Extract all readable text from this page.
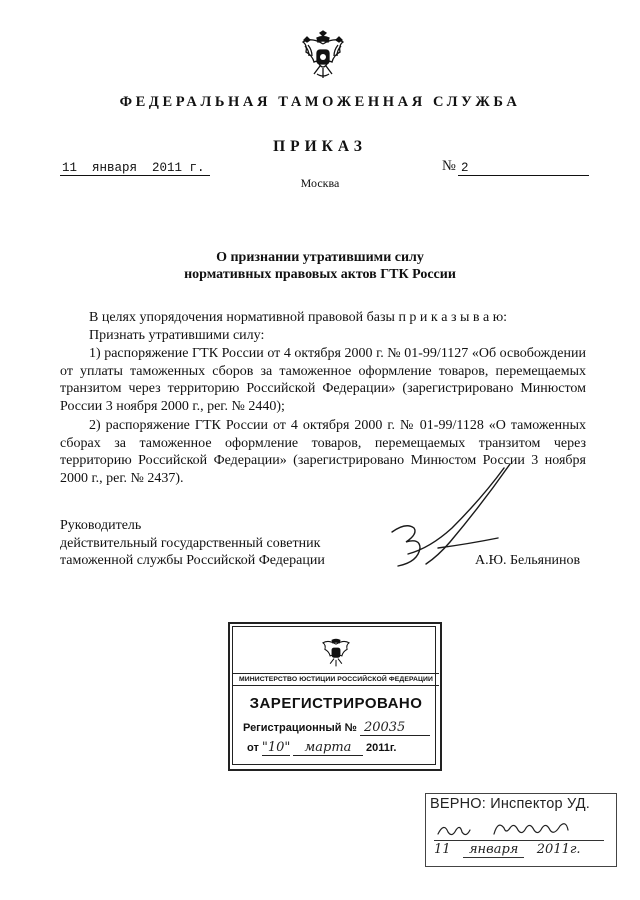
ФЕДЕРАЛЬНАЯ ТАМОЖЕННАЯ СЛУЖБА
ПРИКАЗ
11  января  2011 г.	№ 2
Москва
О признании утратившими силу
нормативных правовых актов ГТК России
В целях упорядочения нормативной правовой базы п р и к а з ы в а ю:
Признать утратившими силу:
1) распоряжение ГТК России от 4 октября 2000 г. № 01-99/1127 «Об освобождении от уплаты таможенных сборов за таможенное оформление товаров, перемещаемых транзитом через территорию Российской Федерации» (зарегистрировано Минюстом России 3 ноября 2000 г., рег. № 2440);
2) распоряжение ГТК России от 4 октября 2000 г. № 01-99/1128 «О таможенных сборах за таможенное оформление товаров, перемещаемых транзитом через территорию Российской Федерации» (зарегистрировано Минюстом России 3 ноября 2000 г., рег. № 2437).
Руководитель
действительный государственный советник
таможенной службы Российской Федерации	А.Ю. Бельянинов
МИНИСТЕРСТВО ЮСТИЦИИ РОССИЙСКОЙ ФЕДЕРАЦИИ
ЗАРЕГИСТРИРОВАНО
Регистрационный № 20035
от "10" марта 2011г.
ВЕРНО: Инспектор УД.
11 января 2011г.
